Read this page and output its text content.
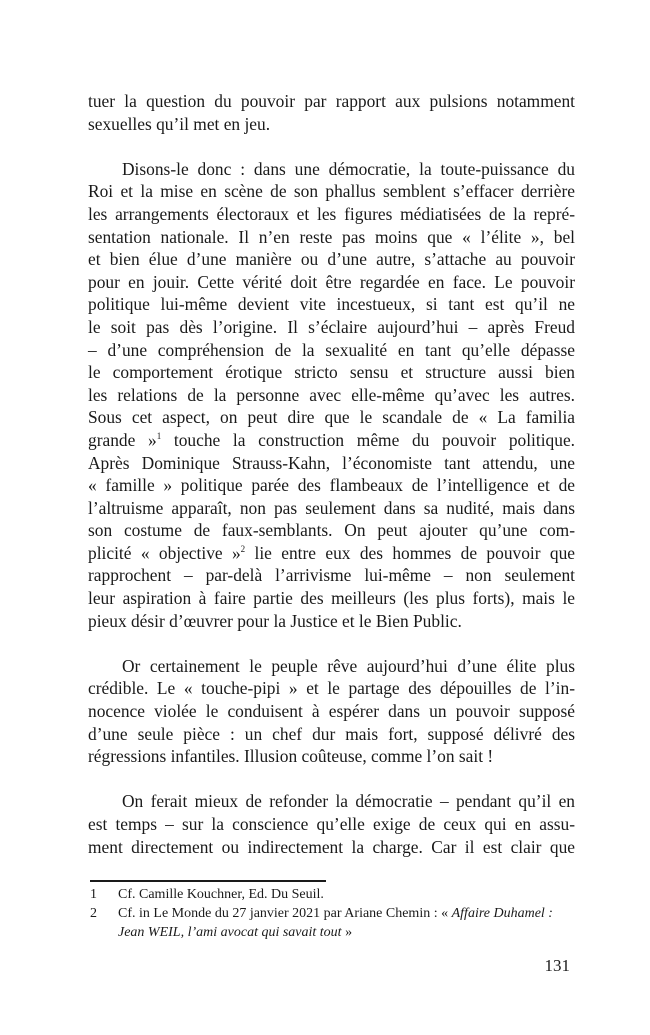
tuer la question du pouvoir par rapport aux pulsions notamment
sexuelles qu’il met en jeu.
Disons-le donc : dans une démocratie, la toute-puissance du
Roi et la mise en scène de son phallus semblent s’effacer derrière
les arrangements électoraux et les figures médiatisées de la repré-
sentation nationale. Il n’en reste pas moins que « l’élite », bel
et bien élue d’une manière ou d’une autre, s’attache au pouvoir
pour en jouir. Cette vérité doit être regardée en face. Le pouvoir
politique lui-même devient vite incestueux, si tant est qu’il ne
le soit pas dès l’origine. Il s’éclaire aujourd’hui – après Freud
– d’une compréhension de la sexualité en tant qu’elle dépasse
le comportement érotique stricto sensu et structure aussi bien
les relations de la personne avec elle-même qu’avec les autres.
Sous cet aspect, on peut dire que le scandale de « La familia
grande »$^1$ touche la construction même du pouvoir politique.
Après Dominique Strauss-Kahn, l’économiste tant attendu, une
« famille » politique parée des flambeaux de l’intelligence et de
l’altruisme apparaît, non pas seulement dans sa nudité, mais dans
son costume de faux-semblants. On peut ajouter qu’une com-
plicité « objective »$^2$ lie entre eux des hommes de pouvoir que
rapprochent – par-delà l’arrivisme lui-même – non seulement
leur aspiration à faire partie des meilleurs (les plus forts), mais le
pieux désir d’œuvrer pour la Justice et le Bien Public.
Or certainement le peuple rêve aujourd’hui d’une élite plus
crédible. Le « touche-pipi » et le partage des dépouilles de l’in-
nocence violée le conduisent à espérer dans un pouvoir supposé
d’une seule pièce : un chef dur mais fort, supposé délivré des
régressions infantiles. Illusion coûteuse, comme l’on sait !
On ferait mieux de refonder la démocratie – pendant qu’il en
est temps – sur la conscience qu’elle exige de ceux qui en assu-
ment directement ou indirectement la charge. Car il est clair que
1 Cf. Camille Kouchner, Ed. Du Seuil.
2 Cf. in Le Monde du 27 janvier 2021 par Ariane Chemin : « Affaire Duhamel : Jean WEIL, l’ami avocat qui savait tout »
131
